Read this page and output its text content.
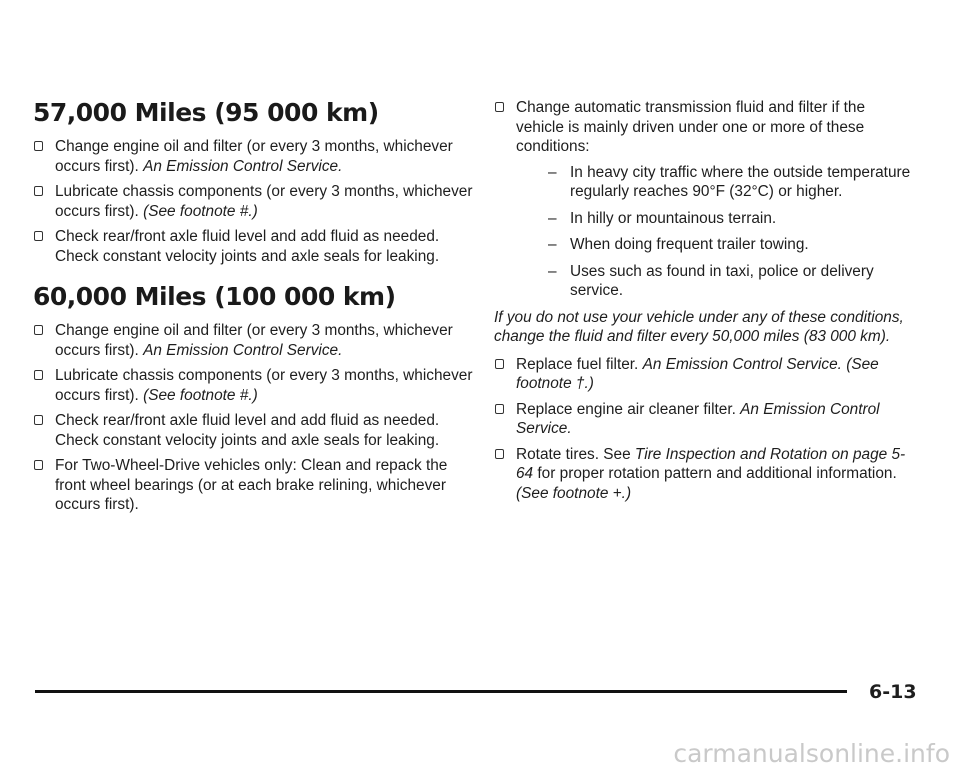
57,000 Miles (95 000 km)
Change engine oil and filter (or every 3 months, whichever occurs first). An Emission Control Service.
Lubricate chassis components (or every 3 months, whichever occurs first). (See footnote #.)
Check rear/front axle fluid level and add fluid as needed. Check constant velocity joints and axle seals for leaking.
60,000 Miles (100 000 km)
Change engine oil and filter (or every 3 months, whichever occurs first). An Emission Control Service.
Lubricate chassis components (or every 3 months, whichever occurs first). (See footnote #.)
Check rear/front axle fluid level and add fluid as needed. Check constant velocity joints and axle seals for leaking.
For Two-Wheel-Drive vehicles only: Clean and repack the front wheel bearings (or at each brake relining, whichever occurs first).
Change automatic transmission fluid and filter if the vehicle is mainly driven under one or more of these conditions:
– In heavy city traffic where the outside temperature regularly reaches 90°F (32°C) or higher.
– In hilly or mountainous terrain.
– When doing frequent trailer towing.
– Uses such as found in taxi, police or delivery service.

If you do not use your vehicle under any of these conditions, change the fluid and filter every 50,000 miles (83 000 km).

Replace fuel filter. An Emission Control Service. (See footnote †.)
Replace engine air cleaner filter. An Emission Control Service.
Rotate tires. See Tire Inspection and Rotation on page 5-64 for proper rotation pattern and additional information. (See footnote +.)
6-13
carmanualsonline.info
